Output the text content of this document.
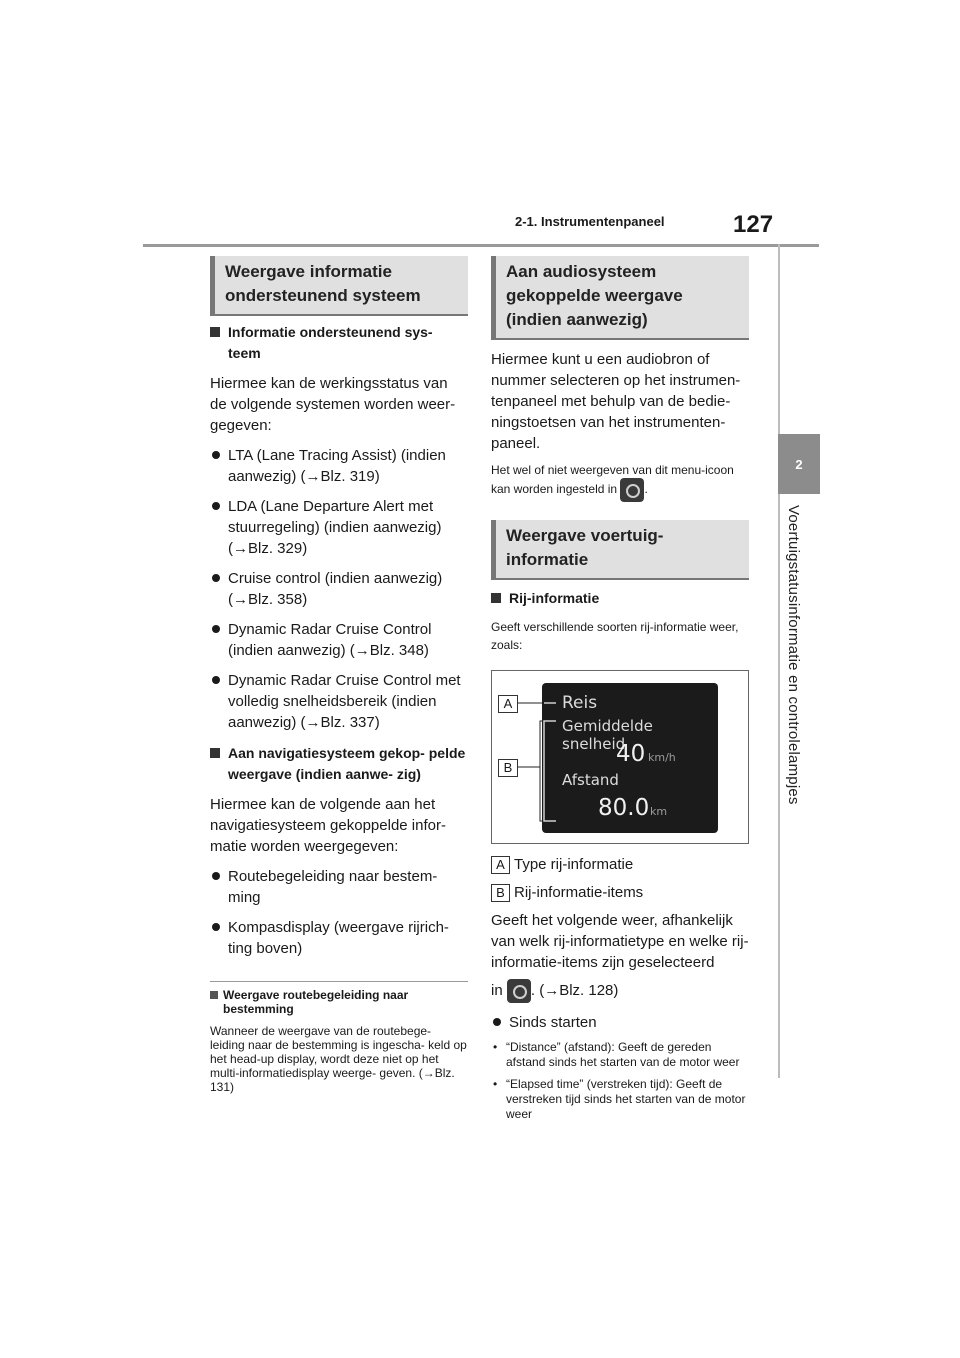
2-1. Instrumentenpaneel	127
2
Voertuigstatusinformatie en controlelampjes
Weergave informatie ondersteunend systeem
Informatie ondersteunend sys- teem
Hiermee kan de werkingsstatus van de volgende systemen worden weer- gegeven:
LTA (Lane Tracing Assist) (indien aanwezig) (→Blz. 319)
LDA (Lane Departure Alert met stuurregeling) (indien aanwezig) (→Blz. 329)
Cruise control (indien aanwezig) (→Blz. 358)
Dynamic Radar Cruise Control (indien aanwezig) (→Blz. 348)
Dynamic Radar Cruise Control met volledig snelheidsbereik (indien aanwezig) (→Blz. 337)
Aan navigatiesysteem gekop- pelde weergave (indien aanwe- zig)
Hiermee kan de volgende aan het navigatiesysteem gekoppelde infor- matie worden weergegeven:
Routebegeleiding naar bestem- ming
Kompasdisplay (weergave rijrich- ting boven)
Weergave routebegeleiding naar bestemming
Wanneer de weergave van de routebege- leiding naar de bestemming is ingescha- keld op het head-up display, wordt deze niet op het multi-informatiedisplay weerge- geven. (→Blz. 131)
Aan audiosysteem gekoppelde weergave (indien aanwezig)
Hiermee kunt u een audiobron of nummer selecteren op het instrumen- tenpaneel met behulp van de bedie- ningstoetsen van het instrumenten- paneel.
Het wel of niet weergeven van dit menu-icoon kan worden ingesteld in .
Weergave voertuig- informatie
Rij-informatie
Geeft verschillende soorten rij-informatie weer, zoals:
A
B
Reis
Gemiddelde snelheid
40 km/h
Afstand
80.0 km
A Type rij-informatie
B Rij-informatie-items
Geeft het volgende weer, afhankelijk van welk rij-informatietype en welke rij-informatie-items zijn geselecteerd
in . (→Blz. 128)
Sinds starten
• “Distance” (afstand): Geeft de gereden afstand sinds het starten van de motor weer
• “Elapsed time” (verstreken tijd): Geeft de verstreken tijd sinds het starten van de motor weer
